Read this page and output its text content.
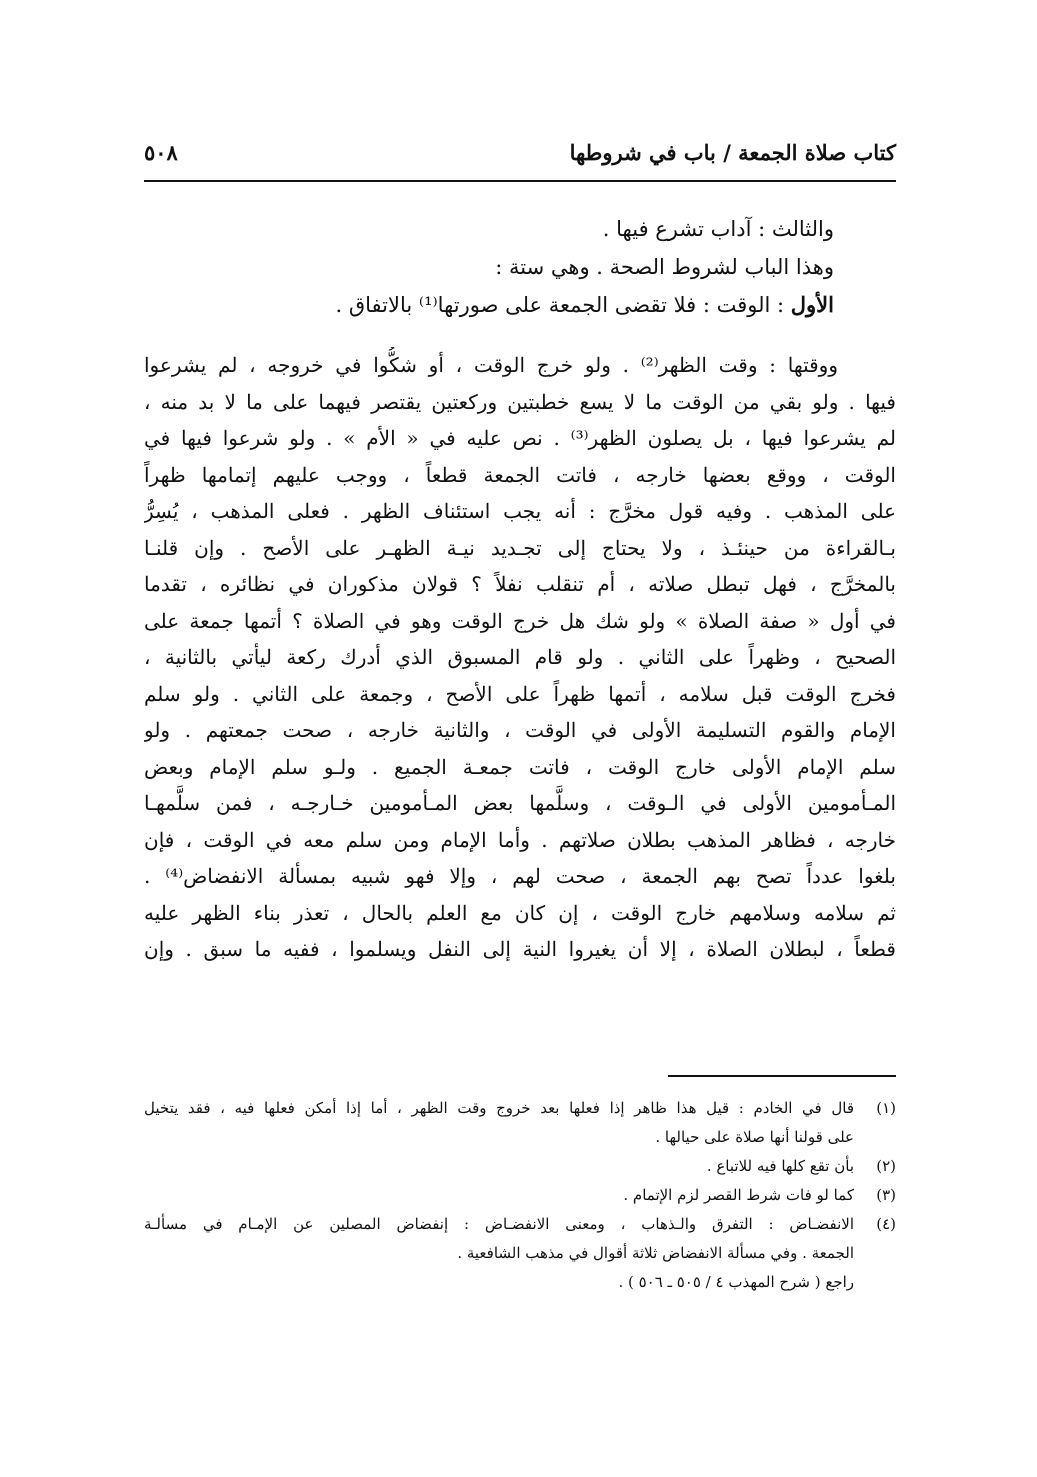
كتاب صلاة الجمعة / باب في شروطها
٥٠٨
والثالث : آداب تشرع فيها .
وهذا الباب لشروط الصحة . وهي ستة :
الأول : الوقت : فلا تقضى الجمعة على صورتها⁽¹⁾ بالاتفاق .
ووقتها : وقت الظهر⁽²⁾ . ولو خرج الوقت ، أو شكُّوا في خروجه ، لم يشرعوا
فيها . ولو بقي من الوقت ما لا يسع خطبتين وركعتين يقتصر فيهما على ما لا بد منه ،
لم يشرعوا فيها ، بل يصلون الظهر⁽³⁾ . نص عليه في « الأم » . ولو شرعوا فيها في
الوقت ، ووقع بعضها خارجه ، فاتت الجمعة قطعاً ، ووجب عليهم إتمامها ظهراً
على المذهب . وفيه قول مخرَّج : أنه يجب استئناف الظهر . فعلى المذهب ، يُسِرُّ
بـالقراءة من حينئـذ ، ولا يحتاج إلى تجـديد نيـة الظهـر على الأصح . وإن قلنـا
بالمخرَّج ، فهل تبطل صلاته ، أم تنقلب نفلاً ؟ قولان مذكوران في نظائره ، تقدما
في أول « صفة الصلاة » ولو شك هل خرج الوقت وهو في الصلاة ؟ أتمها جمعة على
الصحيح ، وظهراً على الثاني . ولو قام المسبوق الذي أدرك ركعة ليأتي بالثانية ،
فخرج الوقت قبل سلامه ، أتمها ظهراً على الأصح ، وجمعة على الثاني . ولو سلم
الإمام والقوم التسليمة الأولى في الوقت ، والثانية خارجه ، صحت جمعتهم . ولو
سلم الإمام الأولى خارج الوقت ، فاتت جمعـة الجميع . ولـو سلم الإمام وبعض
المـأمومين الأولى في الـوقت ، وسلَّمها بعض المـأمومين خـارجـه ، فمن سلَّمهـا
خارجه ، فظاهر المذهب بطلان صلاتهم . وأما الإمام ومن سلم معه في الوقت ، فإن
بلغوا عدداً تصح بهم الجمعة ، صحت لهم ، وإلا فهو شبيه بمسألة الانفضاض⁽⁴⁾ .
ثم سلامه وسلامهم خارج الوقت ، إن كان مع العلم بالحال ، تعذر بناء الظهر عليه
قطعاً ، لبطلان الصلاة ، إلا أن يغيروا النية إلى النفل ويسلموا ، ففيه ما سبق . وإن
(١)
قال في الخادم : قيل هذا ظاهر إذا فعلها بعد خروج وقت الظهر ، أما إذا أمكن فعلها فيه ، فقد يتخيل
على قولنا أنها صلاة على حيالها .
(٢)
بأن تقع كلها فيه للاتباع .
(٣)
كما لو فات شرط القصر لزم الإتمام .
(٤)
الانفضـاض : التفرق والـذهاب ، ومعنى الانفضـاض : إنفضاض المصلين عن الإمـام في مسألـة
الجمعة . وفي مسألة الانفضاض ثلاثة أقوال في مذهب الشافعية .
راجع ( شرح المهذب ٤ / ٥٠٥ ـ ٥٠٦ ) .
